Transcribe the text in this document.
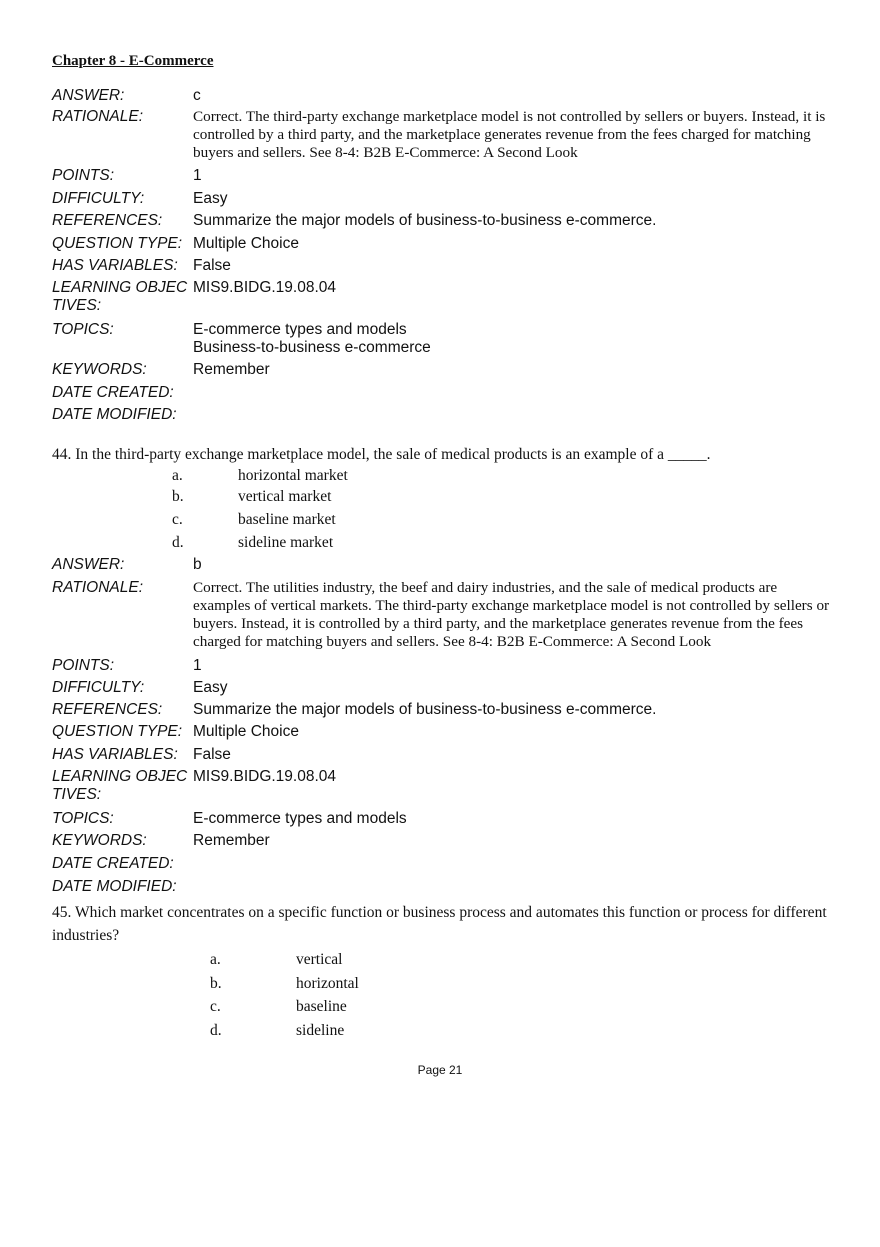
Chapter 8 - E-Commerce
ANSWER:	c
RATIONALE:	Correct. The third-party exchange marketplace model is not controlled by sellers or buyers. Instead, it is controlled by a third party, and the marketplace generates revenue from the fees charged for matching buyers and sellers. See 8-4: B2B E-Commerce: A Second Look
POINTS:	1
DIFFICULTY:	Easy
REFERENCES:	Summarize the major models of business-to-business e-commerce.
QUESTION TYPE: Multiple Choice
HAS VARIABLES: False
LEARNING OBJECTIVES:
MIS9.BIDG.19.08.04
TOPICS:	E-commerce types and models
Business-to-business e-commerce
KEYWORDS:	Remember
DATE CREATED:
DATE MODIFIED:
44. In the third-party exchange marketplace model, the sale of medical products is an example of a _____.
a.	horizontal market
b.	vertical market
c.	baseline market
d.	sideline market
ANSWER:	b
RATIONALE:	Correct. The utilities industry, the beef and dairy industries, and the sale of medical products are examples of vertical markets. The third-party exchange marketplace model is not controlled by sellers or buyers. Instead, it is controlled by a third party, and the marketplace generates revenue from the fees charged for matching buyers and sellers. See 8-4: B2B E-Commerce: A Second Look
POINTS:	1
DIFFICULTY:	Easy
REFERENCES:	Summarize the major models of business-to-business e-commerce.
QUESTION TYPE: Multiple Choice
HAS VARIABLES: False
LEARNING OBJECTIVES:
MIS9.BIDG.19.08.04
TOPICS:	E-commerce types and models
KEYWORDS:	Remember
DATE CREATED:
DATE MODIFIED:
45. Which market concentrates on a specific function or business process and automates this function or process for different industries?
a.	vertical
b.	horizontal
c.	baseline
d.	sideline
Page 21
